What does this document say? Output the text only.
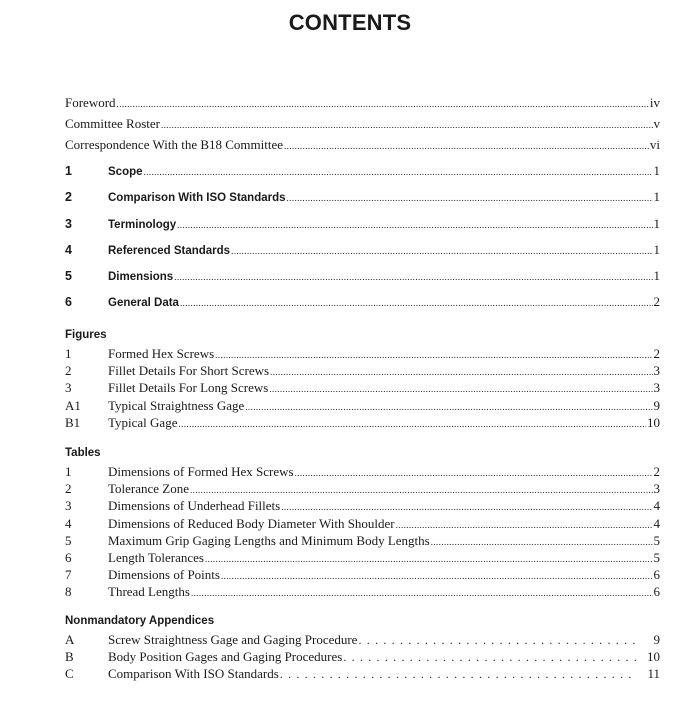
CONTENTS
Foreword .....	iv
Committee Roster .....	v
Correspondence With the B18 Committee .....	vi
1	Scope .....	1
2	Comparison With ISO Standards .....	1
3	Terminology .....	1
4	Referenced Standards .....	1
5	Dimensions .....	1
6	General Data .....	2
Figures
1	Formed Hex Screws .....	2
2	Fillet Details For Short Screws .....	3
3	Fillet Details For Long Screws .....	3
A1	Typical Straightness Gage .....	9
B1	Typical Gage .....	10
Tables
1	Dimensions of Formed Hex Screws .....	2
2	Tolerance Zone .....	3
3	Dimensions of Underhead Fillets .....	4
4	Dimensions of Reduced Body Diameter With Shoulder .....	4
5	Maximum Grip Gaging Lengths and Minimum Body Lengths .....	5
6	Length Tolerances .....	5
7	Dimensions of Points .....	6
8	Thread Lengths .....	6
Nonmandatory Appendices
A	Screw Straightness Gage and Gaging Procedure .....	9
B	Body Position Gages and Gaging Procedures .....	10
C	Comparison With ISO Standards .....	11
